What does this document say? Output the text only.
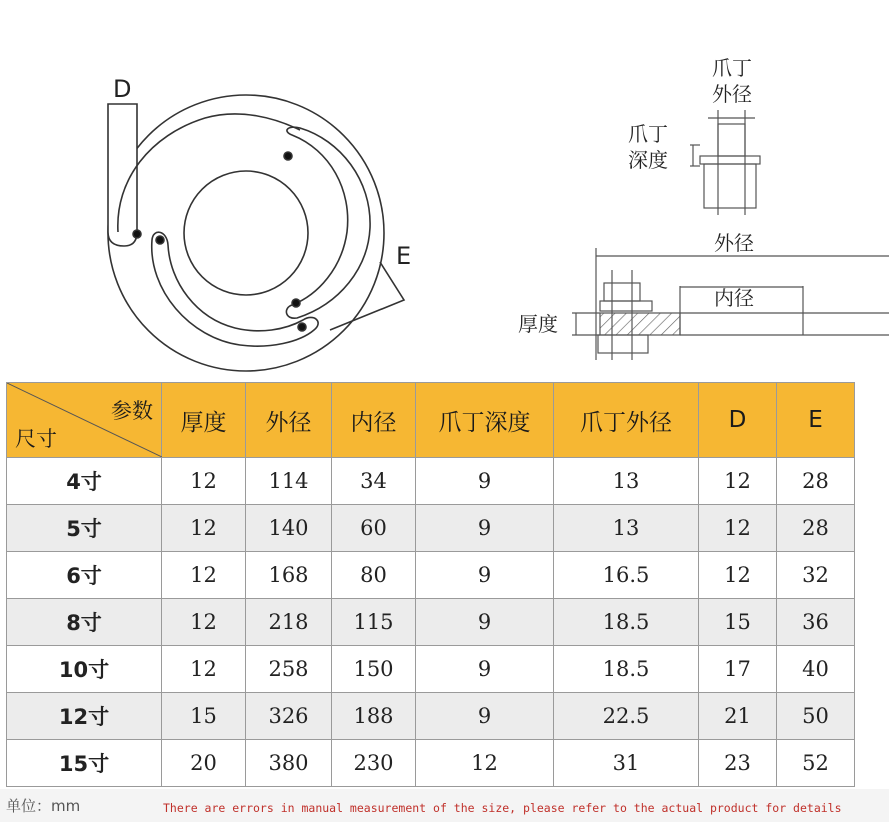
D
E
爪丁
外径
爪丁
深度
外径
内径
厚度
参数
尺寸	厚度	外径	内径	爪丁深度	爪丁外径	D	E
4寸	12	114	34	9	13	12	28
5寸	12	140	60	9	13	12	28
6寸	12	168	80	9	16.5	12	32
8寸	12	218	115	9	18.5	15	36
10寸	12	258	150	9	18.5	17	40
12寸	15	326	188	9	22.5	21	50
15寸	20	380	230	12	31	23	52
单位：mm	There are errors in manual measurement of the size, please refer to the actual product for details
